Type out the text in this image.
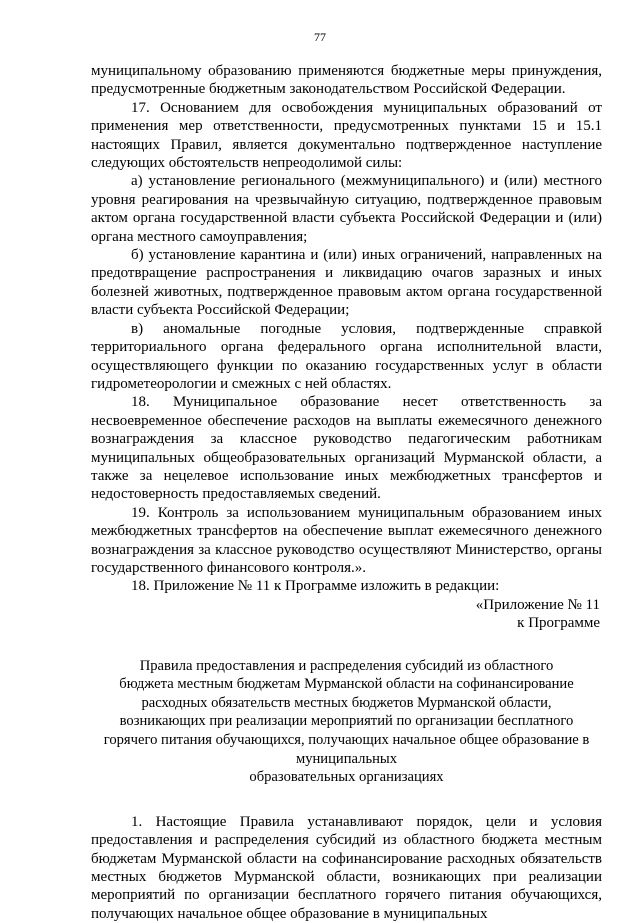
77

муниципальному образованию применяются бюджетные меры принуждения, предусмотренные бюджетным законодательством Российской Федерации.

17. Основанием для освобождения муниципальных образований от применения мер ответственности, предусмотренных пунктами 15 и 15.1 настоящих Правил, является документально подтвержденное наступление следующих обстоятельств непреодолимой силы:

а) установление регионального (межмуниципального) и (или) местного уровня реагирования на чрезвычайную ситуацию, подтвержденное правовым актом органа государственной власти субъекта Российской Федерации и (или) органа местного самоуправления;

б) установление карантина и (или) иных ограничений, направленных на предотвращение распространения и ликвидацию очагов заразных и иных болезней животных, подтвержденное правовым актом органа государственной власти субъекта Российской Федерации;

в) аномальные погодные условия, подтвержденные справкой территориального органа федерального органа исполнительной власти, осуществляющего функции по оказанию государственных услуг в области гидрометеорологии и смежных с ней областях.

18. Муниципальное образование несет ответственность за несвоевременное обеспечение расходов на выплаты ежемесячного денежного вознаграждения за классное руководство педагогическим работникам муниципальных общеобразовательных организаций Мурманской области, а также за нецелевое использование иных межбюджетных трансфертов и недостоверность предоставляемых сведений.

19. Контроль за использованием муниципальным образованием иных межбюджетных трансфертов на обеспечение выплат ежемесячного денежного вознаграждения за классное руководство осуществляют Министерство, органы государственного финансового контроля.».

18. Приложение № 11 к Программе изложить в редакции:

«Приложение № 11

к Программе

Правила предоставления и распределения субсидий из областного
бюджета местным бюджетам Мурманской области на софинансирование
расходных обязательств местных бюджетов Мурманской области,
возникающих при реализации мероприятий по организации бесплатного
горячего питания обучающихся, получающих начальное общее образование в
муниципальных
образовательных организациях

1. Настоящие Правила устанавливают порядок, цели и условия предоставления и распределения субсидий из областного бюджета местным бюджетам Мурманской области на софинансирование расходных обязательств местных бюджетов Мурманской области, возникающих при реализации мероприятий по организации бесплатного горячего питания обучающихся, получающих начальное общее образование в муниципальных
